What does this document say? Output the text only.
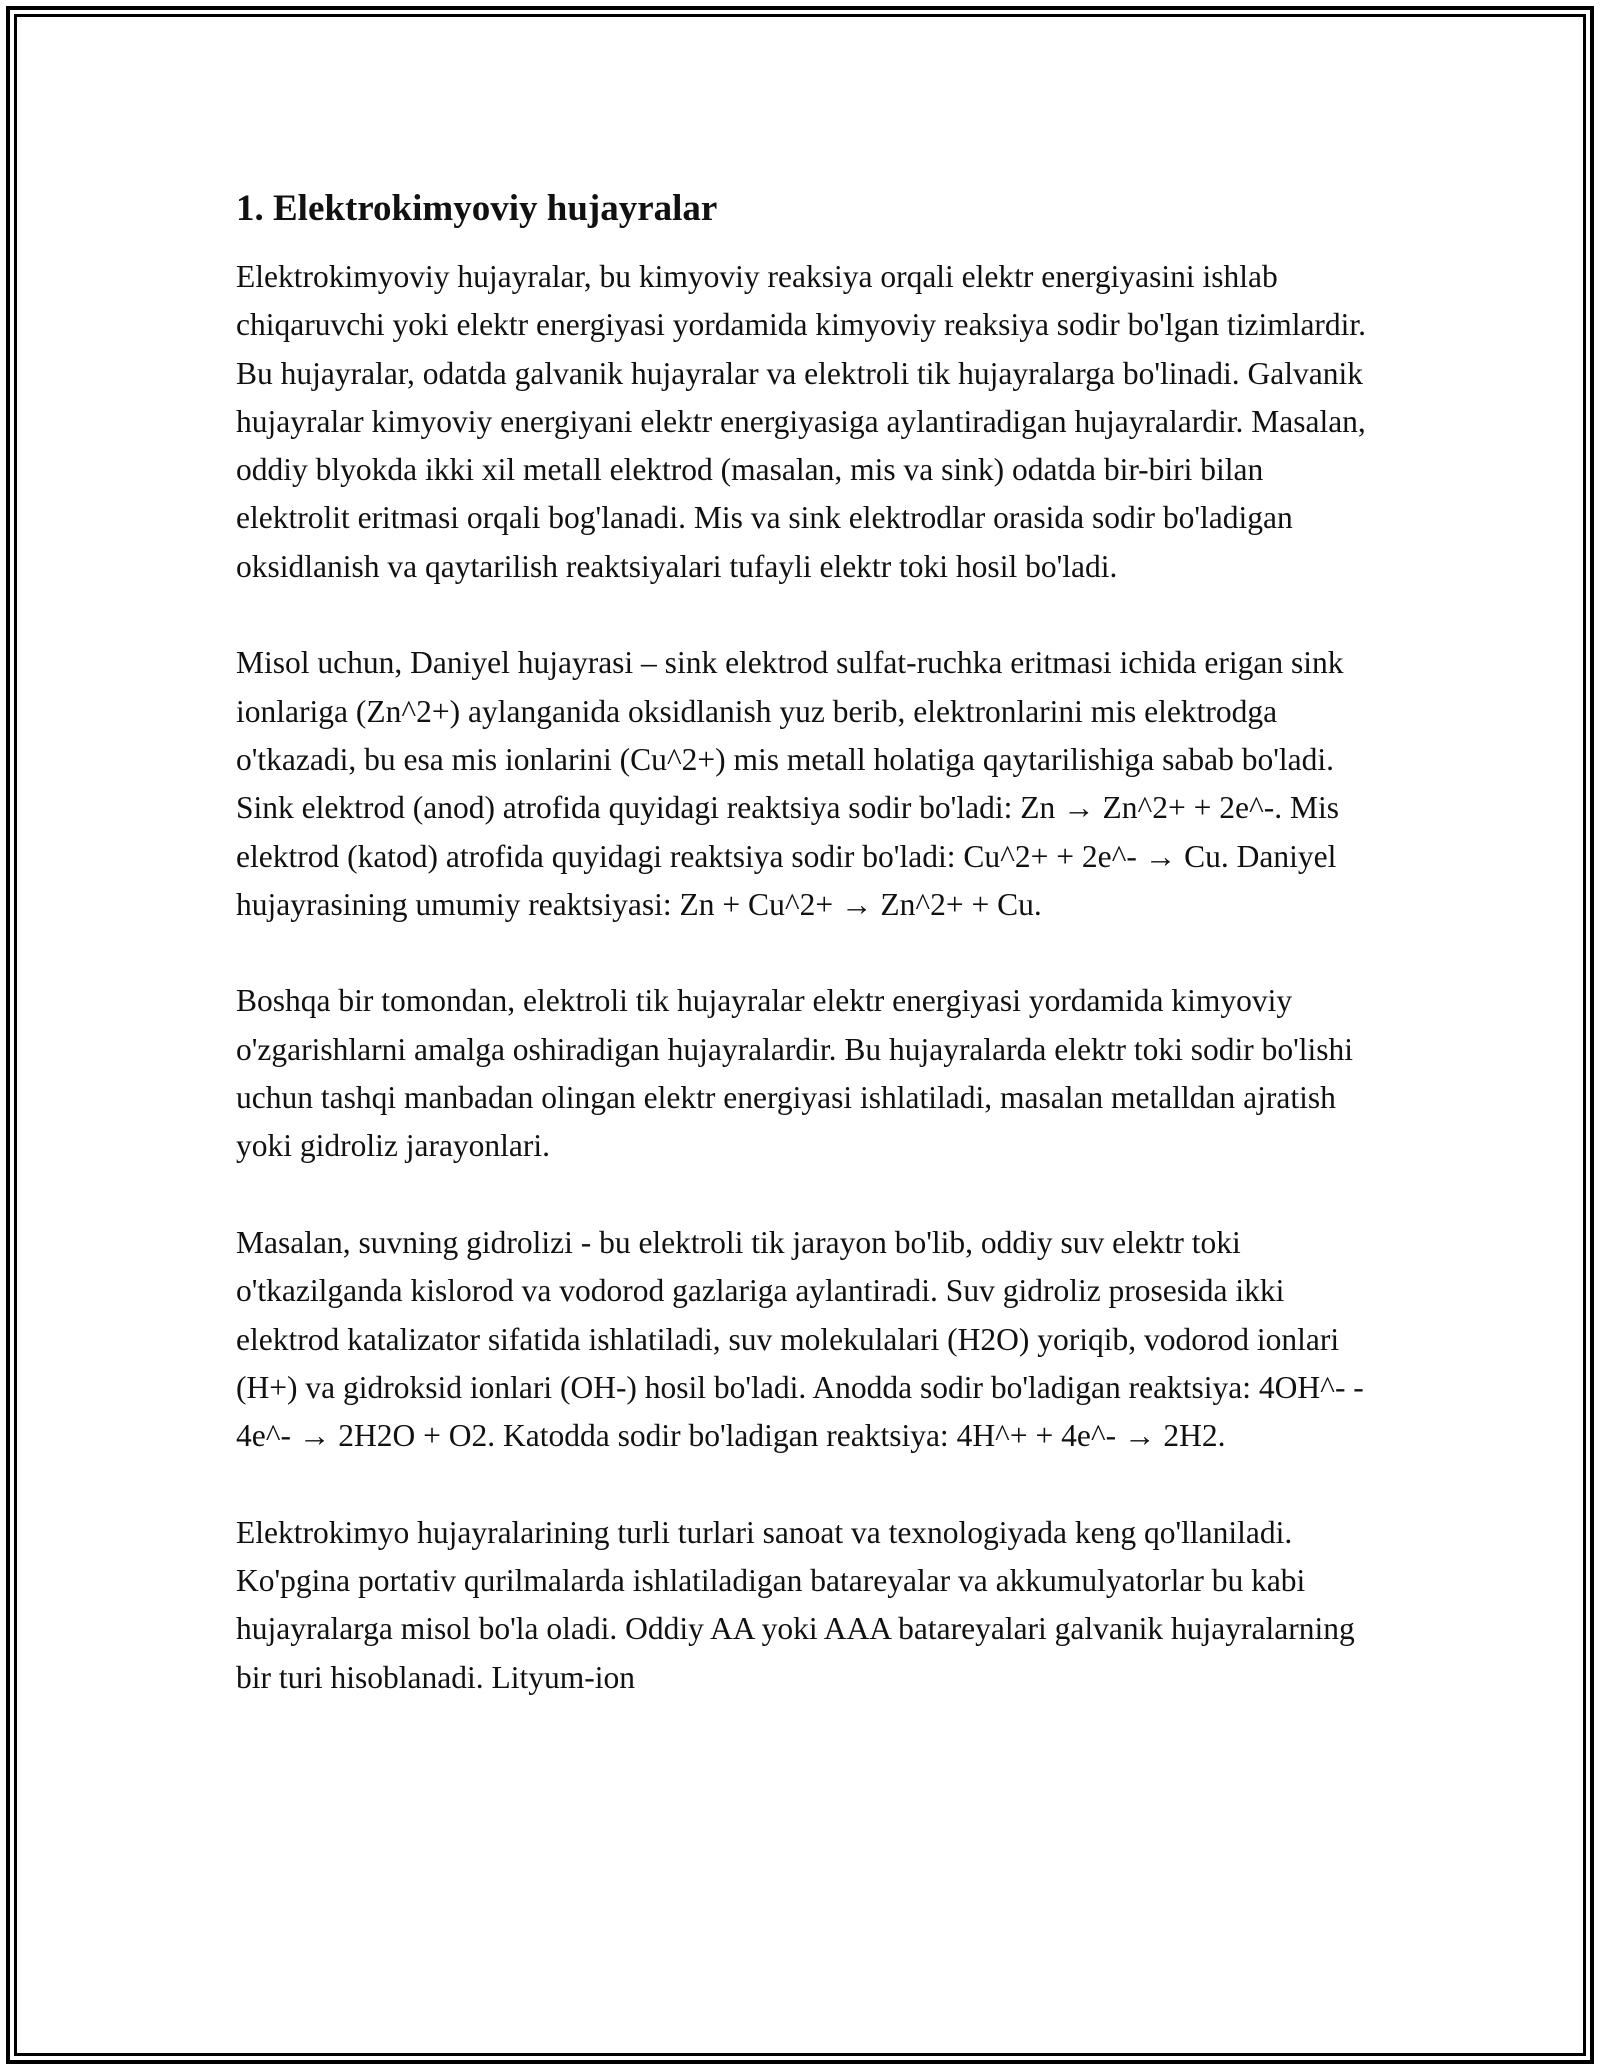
1. Elektrokimyoviy hujayralar

Elektrokimyoviy hujayralar, bu kimyoviy reaksiya orqali elektr energiyasini ishlab chiqaruvchi yoki elektr energiyasi yordamida kimyoviy reaksiya sodir bo'lgan tizimlardir. Bu hujayralar, odatda galvanik hujayralar va elektroli tik hujayralarga bo'linadi. Galvanik hujayralar kimyoviy energiyani elektr energiyasiga aylantiradigan hujayralardir. Masalan, oddiy blyokda ikki xil metall elektrod (masalan, mis va sink) odatda bir-biri bilan elektrolit eritmasi orqali bog'lanadi. Mis va sink elektrodlar orasida sodir bo'ladigan oksidlanish va qaytarilish reaktsiyalari tufayli elektr toki hosil bo'ladi.

Misol uchun, Daniyel hujayrasi – sink elektrod sulfat-ruchka eritmasi ichida erigan sink ionlariga (Zn^2+) aylanganida oksidlanish yuz berib, elektronlarini mis elektrodga o'tkazadi, bu esa mis ionlarini (Cu^2+) mis metall holatiga qaytarilishiga sabab bo'ladi. Sink elektrod (anod) atrofida quyidagi reaktsiya sodir bo'ladi: Zn → Zn^2+ + 2e^-. Mis elektrod (katod) atrofida quyidagi reaktsiya sodir bo'ladi: Cu^2+ + 2e^- → Cu. Daniyel hujayrasining umumiy reaktsiyasi: Zn + Cu^2+ → Zn^2+ + Cu.

Boshqa bir tomondan, elektroli tik hujayralar elektr energiyasi yordamida kimyoviy o'zgarishlarni amalga oshiradigan hujayralardir. Bu hujayralarda elektr toki sodir bo'lishi uchun tashqi manbadan olingan elektr energiyasi ishlatiladi, masalan metalldan ajratish yoki gidroliz jarayonlari.

Masalan, suvning gidrolizi - bu elektroli tik jarayon bo'lib, oddiy suv elektr toki o'tkazilganda kislorod va vodorod gazlariga aylantiradi. Suv gidroliz prosesida ikki elektrod katalizator sifatida ishlatiladi, suv molekulalari (H2O) yoriqib, vodorod ionlari (H+) va gidroksid ionlari (OH-) hosil bo'ladi. Anodda sodir bo'ladigan reaktsiya: 4OH^- - 4e^- → 2H2O + O2. Katodda sodir bo'ladigan reaktsiya: 4H^+ + 4e^- → 2H2.

Elektrokimyo hujayralarining turli turlari sanoat va texnologiyada keng qo'llaniladi. Ko'pgina portativ qurilmalarda ishlatiladigan batareyalar va akkumulyatorlar bu kabi hujayralarga misol bo'la oladi. Oddiy AA yoki AAA batareyalari galvanik hujayralarning bir turi hisoblanadi. Lityum-ion
